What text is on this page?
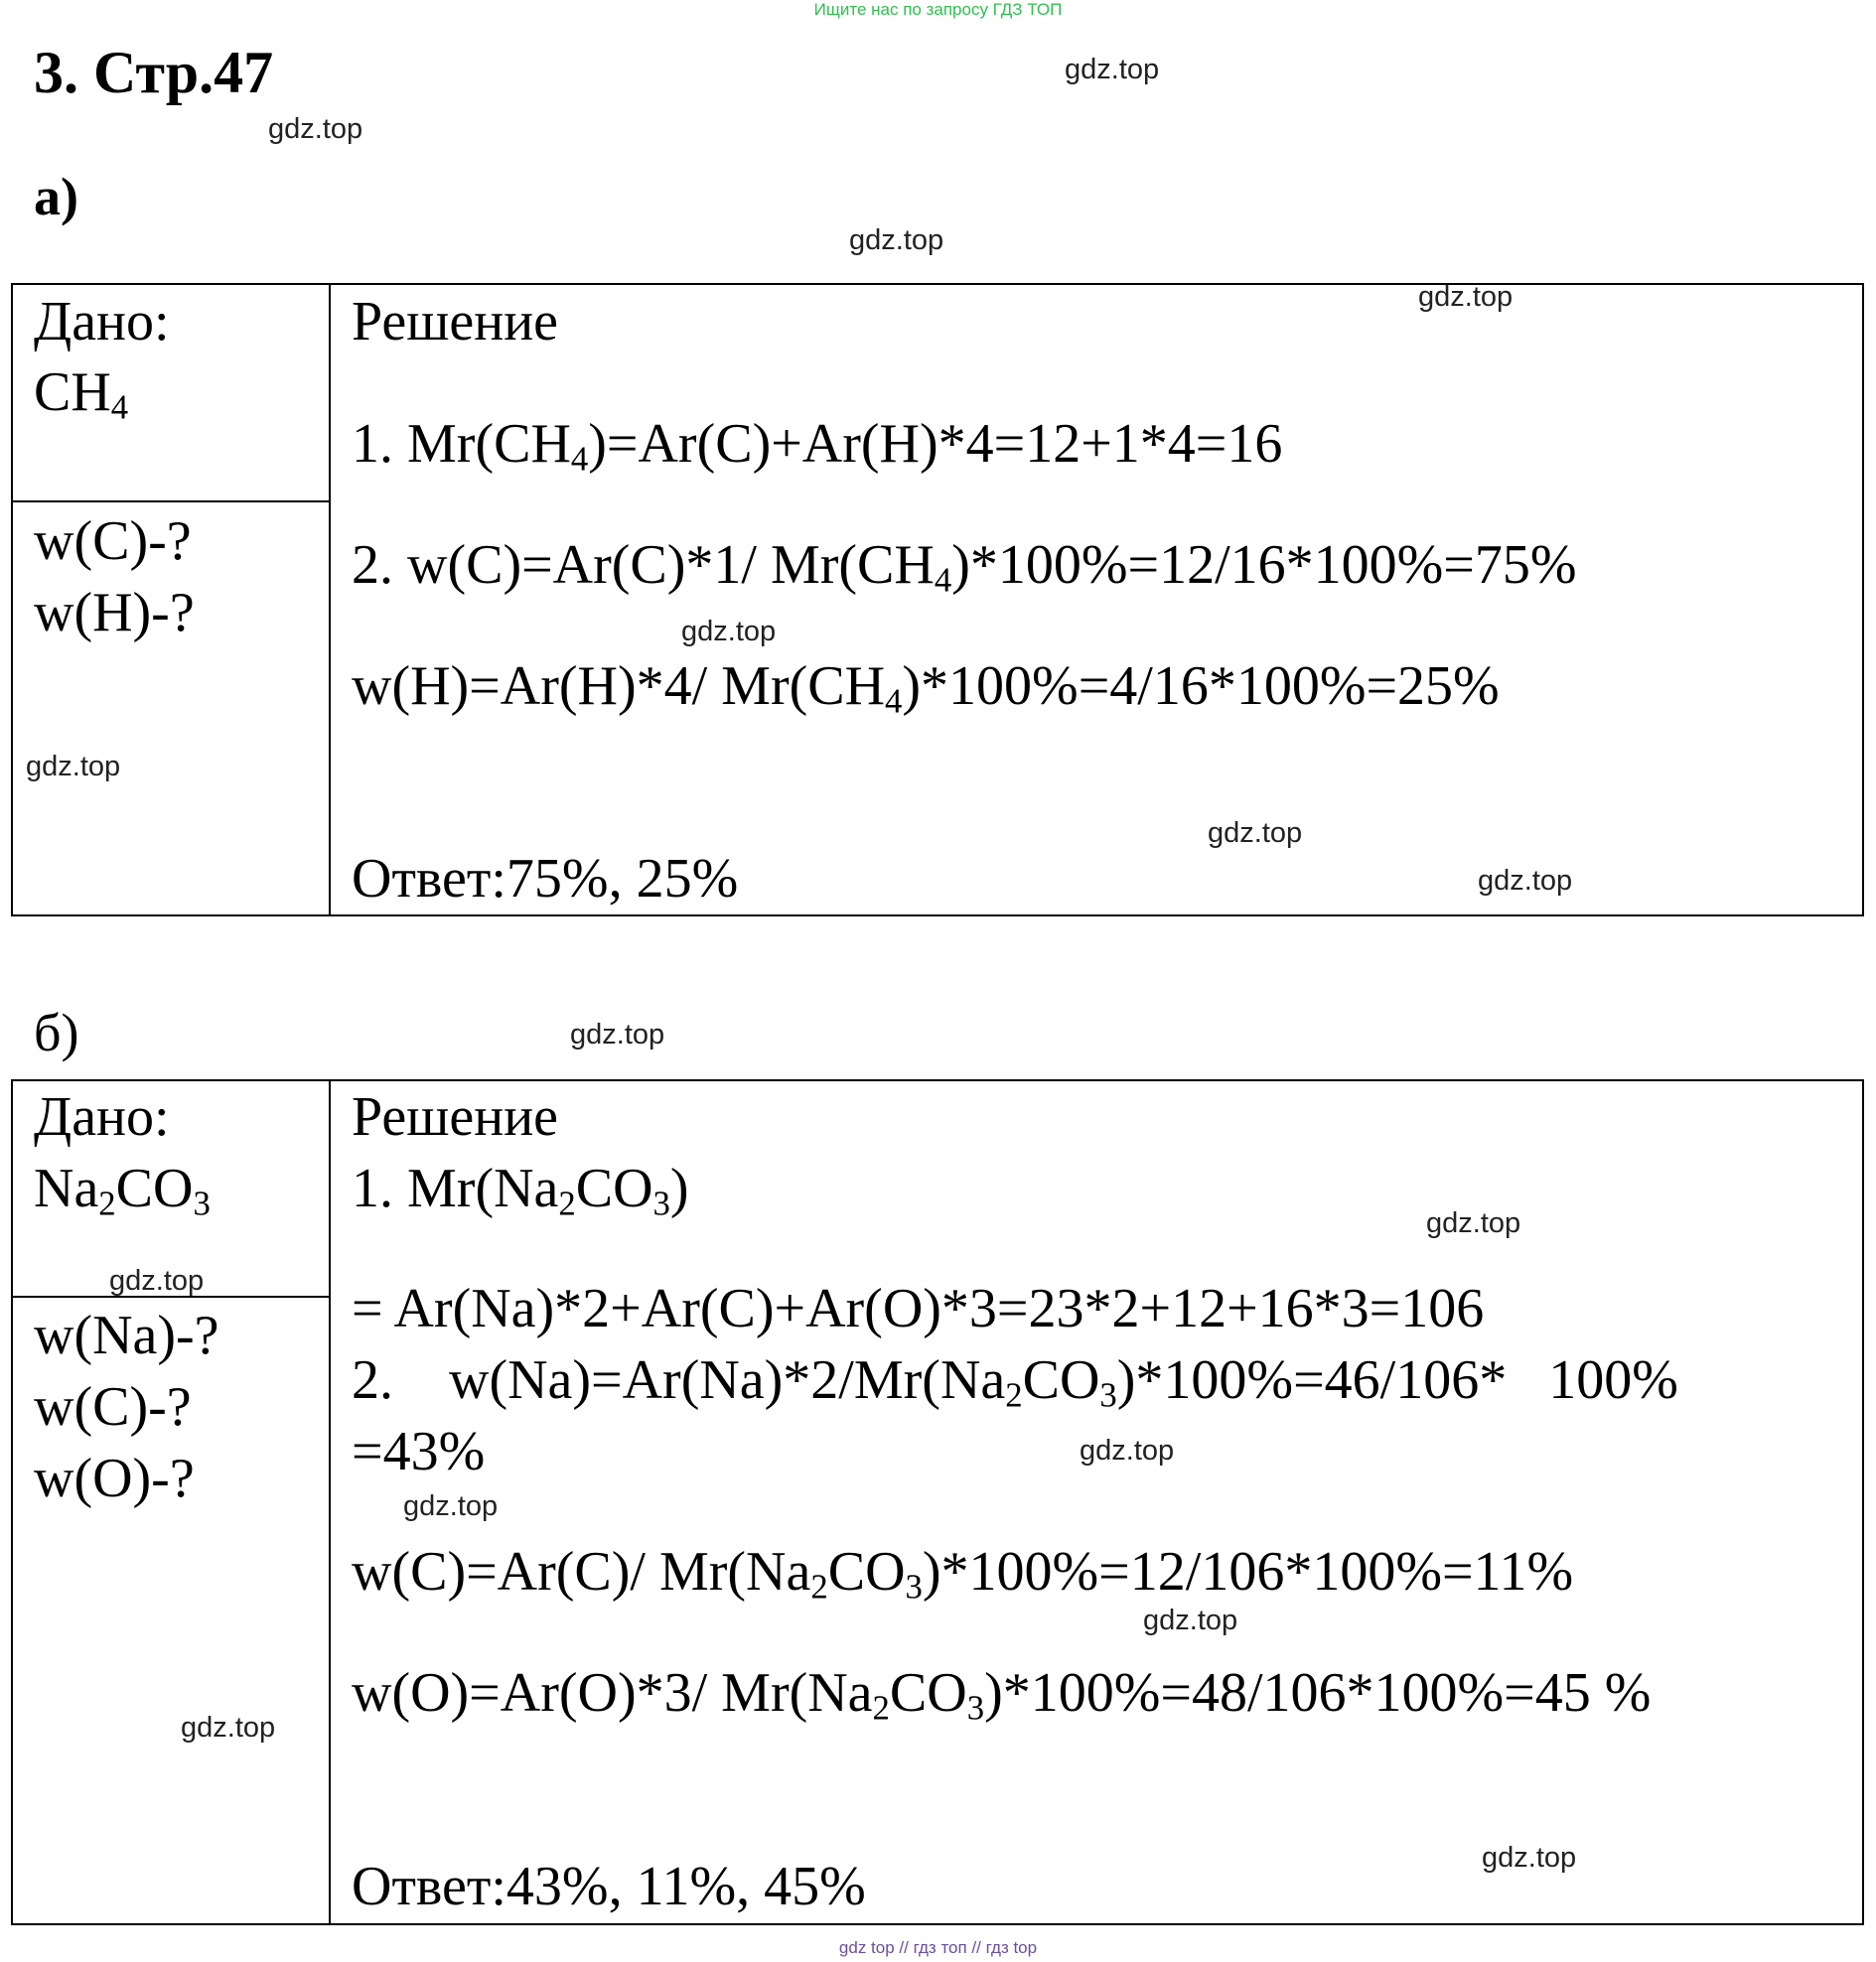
Ищите нас по запросу ГДЗ ТОП
3. Стр.47
а)
Дано:
$CH_4$
w(C)-?
w(H)-?
Решение
1. $Mr(CH_4)=Ar(C)+Ar(H)*4=12+1*4=16$
2. w(C)=Ar(C)*1/ $Mr(CH_4)*100\%=12/16*100\%=75\%$
w(H)=Ar(H)*4/ $Mr(CH_4)*100\%=4/16*100\%=25\%$
Ответ:75%, 25%
б)
Дано:
$Na_2CO_3$
w(Na)-?
w(C)-?
w(O)-?
Решение
1. $Mr(Na_2CO_3)$
= Ar(Na)*2+Ar(C)+Ar(O)*3=23*2+12+16*3=106
2.    $w(Na)=Ar(Na)*2/Mr(Na_2CO_3)*100\%=46/106*$   100%
=43%
w(C)=Ar(C)/ $Mr(Na_2CO_3)*100\%=12/106*100\%=11\%$
w(O)=Ar(O)*3/ $Mr(Na_2CO_3)*100\%=48/106*100\%=45$ %
Ответ:43%, 11%, 45%
gdz.top
gdz.top
gdz.top
gdz.top
gdz.top
gdz.top
gdz.top
gdz.top
gdz.top
gdz.top
gdz.top
gdz.top
gdz.top
gdz.top
gdz.top
gdz.top
gdz top // гдз топ // гдз top
